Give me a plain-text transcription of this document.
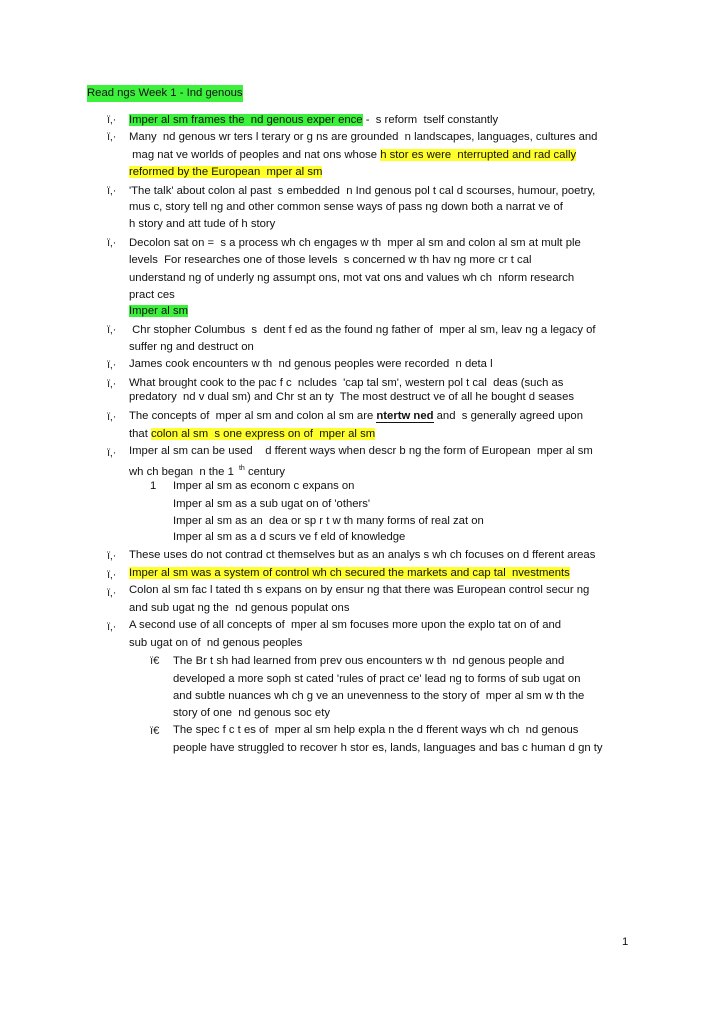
Read ngs Week 1 - Ind genous
ï‚· Imper al sm frames the  nd genous exper ence -  s reform  tself constantly
ï‚· Many  nd genous wr ters l terary or g ns are grounded  n landscapes, languages, cultures and
mag nat ve worlds of peoples and nat ons whose h stor es were  nterrupted and rad cally
reformed by the European  mper al sm
ï‚· 'The talk' about colon al past  s embedded  n Ind genous pol t cal d scourses, humour, poetry,
mus c, story tell ng and other common sense ways of pass ng down both a narrat ve of
h story and att tude of h story
ï‚· Decolon sat on =  s a process wh ch engages w th  mper al sm and colon al sm at mult ple
levels  For researches one of those levels  s concerned w th hav ng more cr t cal
understand ng of underly ng assumpt ons, mot vat ons and values wh ch  nform research
pract ces
Imper al sm
ï‚· Chr stopher Columbus  s  dent f ed as the found ng father of  mper al sm, leav ng a legacy of
suffer ng and destruct on
ï‚· James cook encounters w th  nd genous peoples were recorded  n deta l
ï‚· What brought cook to the pac f c  ncludes  'cap tal sm', western pol t cal  deas (such as
predatory  nd v dual sm) and Chr st an ty  The most destruct ve of all he bought d seases
ï‚· The concepts of  mper al sm and colon al sm are ntertw ned and  s generally agreed upon
that colon al sm  s one express on of  mper al sm
ï‚· Imper al sm can be used    d fferent ways when descr b ng the form of European  mper al sm
wh ch began  n the 1  $^{th}$ century
1 Imper al sm as econom c expans on
Imper al sm as a sub ugat on of 'others'
Imper al sm as an  dea or sp r t w th many forms of real zat on
Imper al sm as a d scurs ve f eld of knowledge
ï‚· These uses do not contrad ct themselves but as an analys s wh ch focuses on d fferent areas
ï‚· Imper al sm was a system of control wh ch secured the markets and cap tal  nvestments
ï‚· Colon al sm fac l tated th s expans on by ensur ng that there was European control secur ng
and sub ugat ng the  nd genous populat ons
ï‚· A second use of all concepts of  mper al sm focuses more upon the explo tat on of and
sub ugat on of  nd genous peoples
ï€ The Br t sh had learned from prev ous encounters w th  nd genous people and
developed a more soph st cated 'rules of pract ce' lead ng to forms of sub ugat on
and subtle nuances wh ch g ve an unevenness to the story of  mper al sm w th the
story of one  nd genous soc ety
ï€ The spec f c t es of  mper al sm help expla n the d fferent ways wh ch  nd genous
people have struggled to recover h stor es, lands, languages and bas c human d gn ty
1
